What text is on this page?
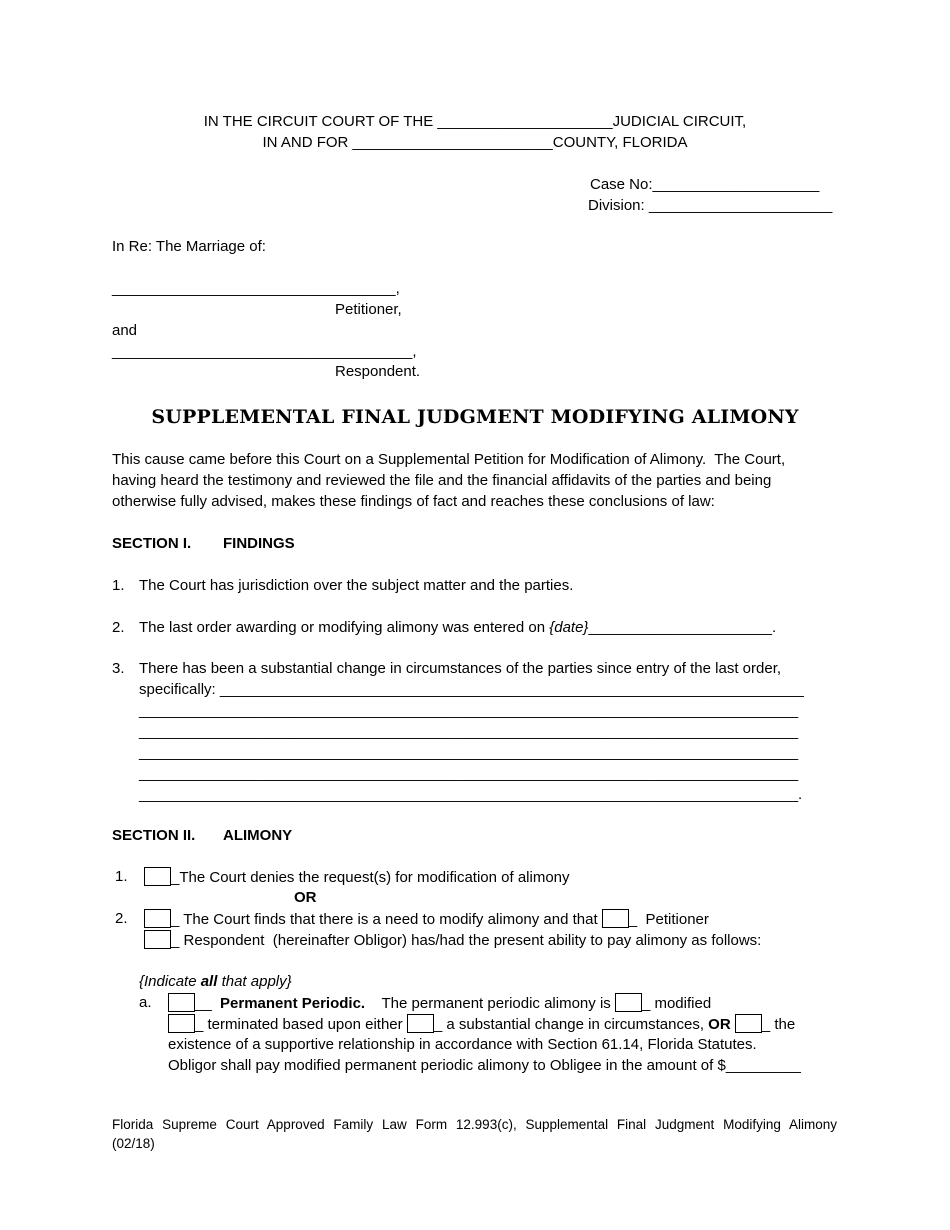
IN THE CIRCUIT COURT OF THE _____________________JUDICIAL CIRCUIT,
IN AND FOR ________________________COUNTY, FLORIDA
Case No:____________________
Division: ______________________
In Re: The Marriage of:
__________________________________,
Petitioner,
and
____________________________________,
Respondent.
SUPPLEMENTAL FINAL JUDGMENT MODIFYING ALIMONY
This cause came before this Court on a Supplemental Petition for Modification of Alimony.  The Court,
having heard the testimony and reviewed the file and the financial affidavits of the parties and being
otherwise fully advised, makes these findings of fact and reaches these conclusions of law:
SECTION I. FINDINGS
1. The Court has jurisdiction over the subject matter and the parties.
2. The last order awarding or modifying alimony was entered on {date}______________________.
3. There has been a substantial change in circumstances of the parties since entry of the last order,
specifically: ______________________________________________________________________
_______________________________________________________________________________
_______________________________________________________________________________
_______________________________________________________________________________
_______________________________________________________________________________
_______________________________________________________________________________.
SECTION II. ALIMONY
1.	_The Court denies the request(s) for modification of alimony
OR
2.	_ The Court finds that there is a need to modify alimony and that _  Petitioner
_ Respondent  (hereinafter Obligor) has/had the present ability to pay alimony as follows:
{Indicate all that apply}
a.	__  Permanent Periodic. The permanent periodic alimony is _ modified
_ terminated based upon either _ a substantial change in circumstances, OR _ the
existence of a supportive relationship in accordance with Section 61.14, Florida Statutes.
Obligor shall pay modified permanent periodic alimony to Obligee in the amount of $_________
Florida Supreme Court Approved Family Law Form 12.993(c), Supplemental Final Judgment Modifying Alimony
(02/18)
